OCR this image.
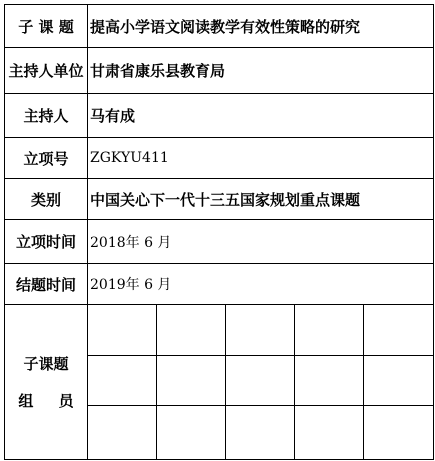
子 课 题	提高小学语文阅读教学有效性策略的研究				
主持人单位	甘肃省康乐县教育局				
主持人	马有成				
立项号	ZGKYU411				
类别	中国关心下一代十三五国家规划重点课题				
立项时间	2018年 6 月				
结题时间	2019年 6 月				

子课题
组 员					
